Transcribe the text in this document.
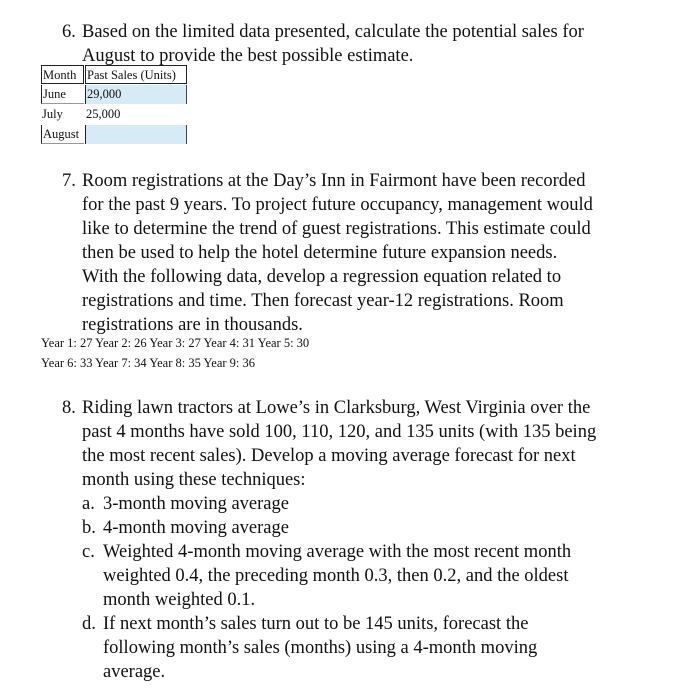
6. Based on the limited data presented, calculate the potential sales for
August to provide the best possible estimate.
Month Past Sales (Units)
June	29,000
July	25,000
August
7. Room registrations at the Day’s Inn in Fairmont have been recorded
for the past 9 years. To project future occupancy, management would
like to determine the trend of guest registrations. This estimate could
then be used to help the hotel determine future expansion needs.
With the following data, develop a regression equation related to
registrations and time. Then forecast year-12 registrations. Room
registrations are in thousands.
Year 1: 27 Year 2: 26 Year 3: 27 Year 4: 31 Year 5: 30
Year 6: 33 Year 7: 34 Year 8: 35 Year 9: 36
8. Riding lawn tractors at Lowe’s in Clarksburg, West Virginia over the
past 4 months have sold 100, 110, 120, and 135 units (with 135 being
the most recent sales). Develop a moving average forecast for next
month using these techniques:
a. 3-month moving average
b. 4-month moving average
c. Weighted 4-month moving average with the most recent month
weighted 0.4, the preceding month 0.3, then 0.2, and the oldest
month weighted 0.1.
d. If next month’s sales turn out to be 145 units, forecast the
following month’s sales (months) using a 4-month moving
average.
